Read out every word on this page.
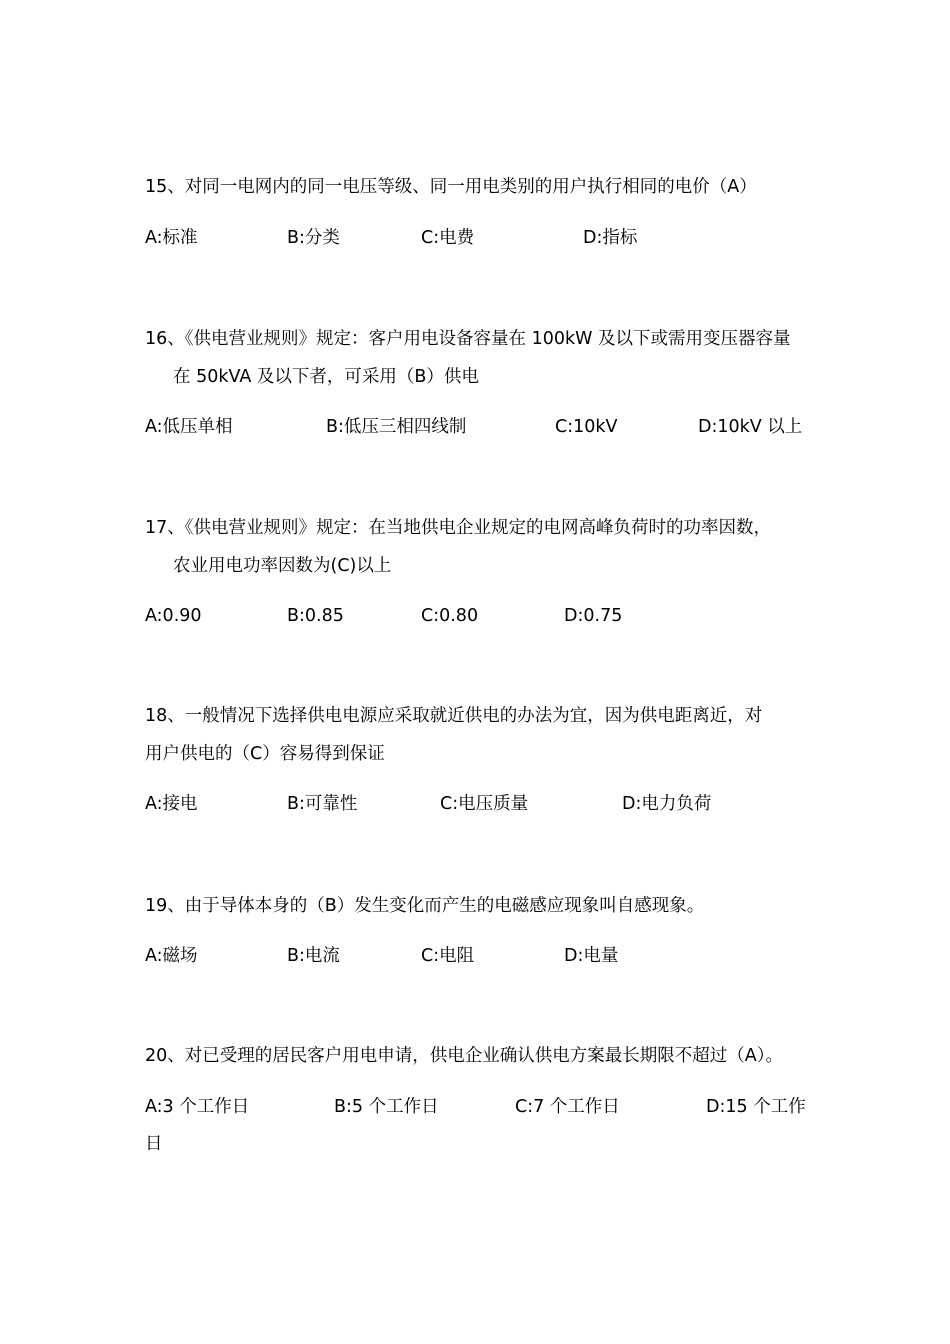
15、对同一电网内的同一电压等级、同一用电类别的用户执行相同的电价（A）
A:标准	B:分类	C:电费	D:指标
16、《供电营业规则》规定：客户用电设备容量在 100kW 及以下或需用变压器容量
在 50kVA 及以下者，可采用（B）供电
A:低压单相	B:低压三相四线制	C:10kV	D:10kV 以上
17、《供电营业规则》规定：在当地供电企业规定的电网高峰负荷时的功率因数，
农业用电功率因数为(C)以上
A:0.90	B:0.85	C:0.80	D:0.75
18、一般情况下选择供电电源应采取就近供电的办法为宜，因为供电距离近，对
用户供电的（C）容易得到保证
A:接电	B:可靠性	C:电压质量	D:电力负荷
19、由于导体本身的（B）发生变化而产生的电磁感应现象叫自感现象。
A:磁场	B:电流	C:电阻	D:电量
20、对已受理的居民客户用电申请，供电企业确认供电方案最长期限不超过（A）。
A:3 个工作日	B:5 个工作日	C:7 个工作日	D:15 个工作
日
